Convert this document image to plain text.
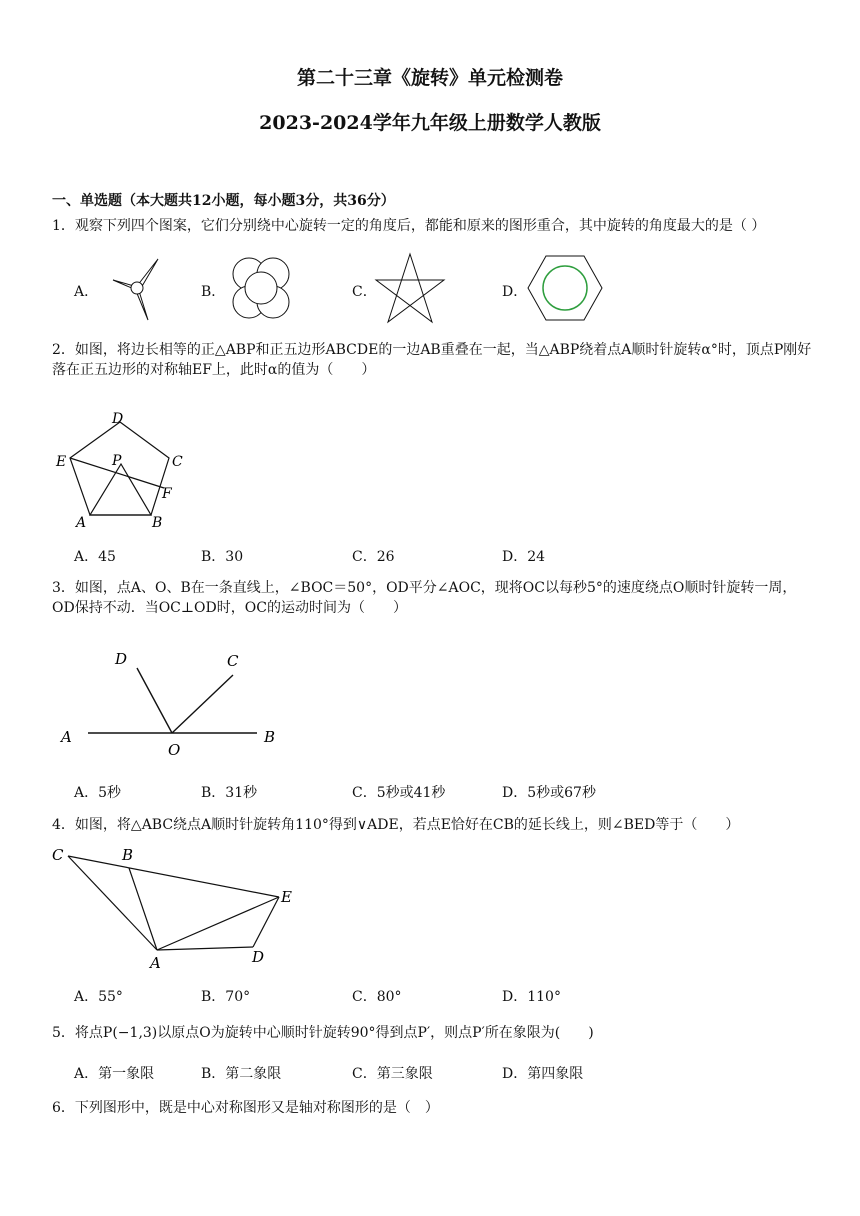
第二十三章《旋转》单元检测卷
2023-2024学年九年级上册数学人教版
一、单选题（本大题共12小题，每小题3分，共36分）
1．观察下列四个图案，它们分别绕中心旋转一定的角度后，都能和原来的图形重合，其中旋转的角度最大的是（ ）
A．	B．	C．	D．
2．如图，将边长相等的正△ABP和正五边形ABCDE的一边AB重叠在一起，当△ABP绕着点A顺时针旋转α°时，顶点P刚好落在正五边形的对称轴EF上，此时α的值为（　　）
D
E	P	C
F
A	B
A．45	B．30	C．26	D．24
3．如图，点A、O、B在一条直线上，∠BOC＝50°，OD平分∠AOC，现将OC以每秒5°的速度绕点O顺时针旋转一周，OD保持不动．当OC⊥OD时，OC的运动时间为（　　）
D	C
A
O
B
A．5秒	B．31秒	C．5秒或41秒	D．5秒或67秒
4．如图，将△ABC绕点A顺时针旋转角110°得到∨ADE，若点E恰好在CB的延长线上，则∠BED等于（　　）
C	B
E
A	D
A．55°	B．70°	C．80°	D．110°
5．将点P(−1,3)以原点O为旋转中心顺时针旋转90°得到点P′，则点P′所在象限为(　　)
A．第一象限	B．第二象限	C．第三象限	D．第四象限
6．下列图形中，既是中心对称图形又是轴对称图形的是（　）
